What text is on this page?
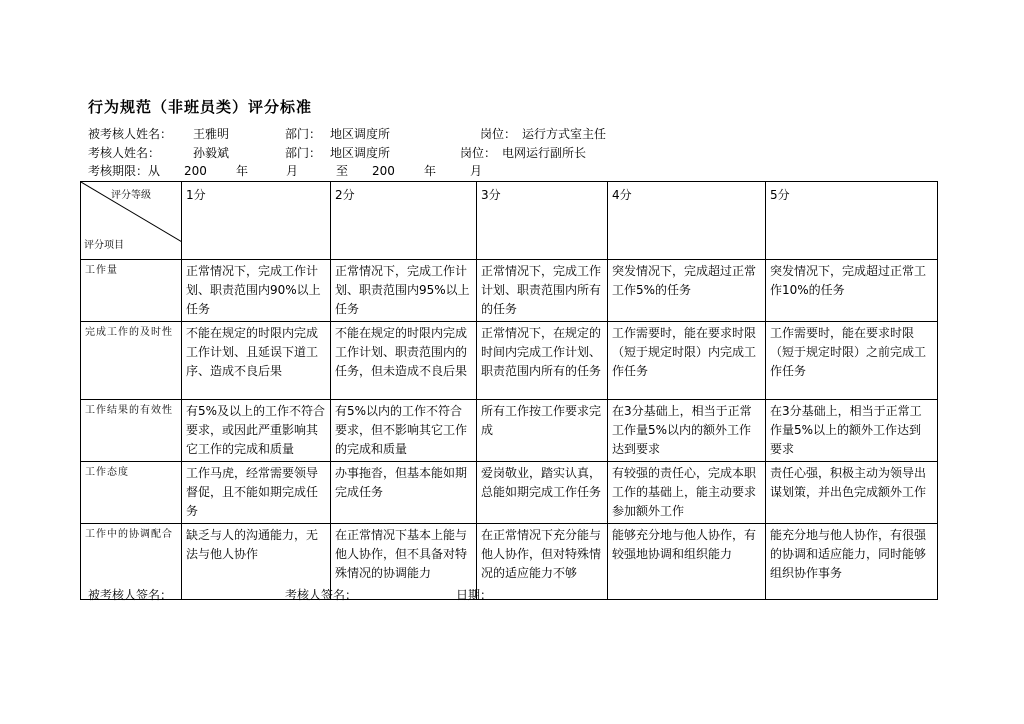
行为规范（非班员类）评分标准
被考核人姓名： 王雅明	部门： 地区调度所	岗位： 运行方式室主任
考核人姓名：	孙毅斌	部门： 地区调度所	岗位： 电网运行副所长
考核期限：从 200 年	月	至 200 年	月
评分等级
评分项目	1分	2分	3分	4分	5分
工作量	正常情况下，完成工作计划、职责范围内90%以上任务	正常情况下，完成工作计划、职责范围内95%以上任务	正常情况下，完成工作计划、职责范围内所有的任务	突发情况下，完成超过正常工作5%的任务	突发情况下，完成超过正常工作10%的任务
完成工作的及时性	不能在规定的时限内完成工作计划、且延误下道工序、造成不良后果	不能在规定的时限内完成工作计划、职责范围内的任务，但未造成不良后果	正常情况下，在规定的时间内完成工作计划、职责范围内所有的任务	工作需要时，能在要求时限（短于规定时限）内完成工作任务	工作需要时，能在要求时限（短于规定时限）之前完成工作任务
工作结果的有效性	有5%及以上的工作不符合要求，或因此严重影响其它工作的完成和质量	有5%以内的工作不符合要求，但不影响其它工作的完成和质量	所有工作按工作要求完成	在3分基础上，相当于正常工作量5%以内的额外工作达到要求	在3分基础上，相当于正常工作量5%以上的额外工作达到要求
工作态度	工作马虎，经常需要领导督促，且不能如期完成任务	办事拖沓，但基本能如期完成任务	爱岗敬业，踏实认真，总能如期完成工作任务	有较强的责任心，完成本职工作的基础上，能主动要求参加额外工作	责任心强，积极主动为领导出谋划策，并出色完成额外工作
工作中的协调配合	缺乏与人的沟通能力，无法与他人协作	在正常情况下基本上能与他人协作，但不具备对特殊情况的协调能力	在正常情况下充分能与他人协作，但对特殊情况的适应能力不够	能够充分地与他人协作，有较强地协调和组织能力	能充分地与他人协作，有很强的协调和适应能力，同时能够组织协作事务
被考核人签名：	考核人签名：	日期：
